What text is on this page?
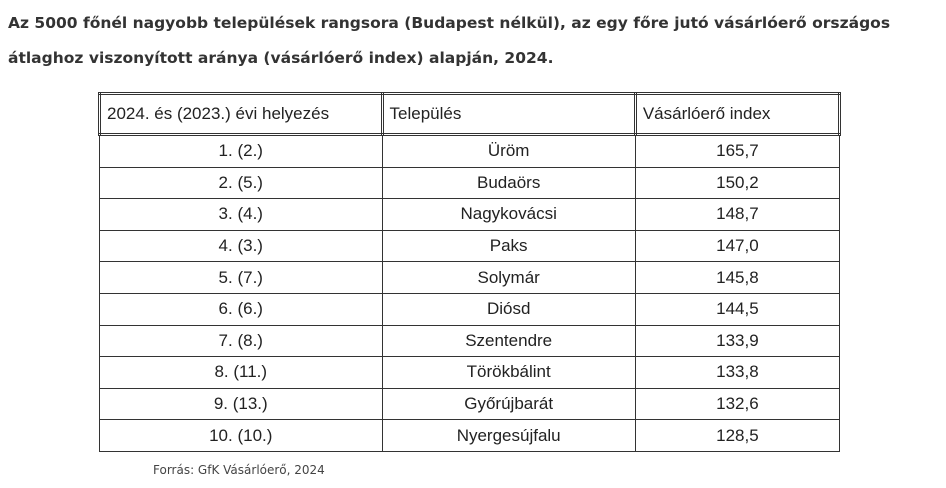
Az 5000 főnél nagyobb települések rangsora (Budapest nélkül), az egy főre jutó vásárlóerő országos
átlaghoz viszonyított aránya (vásárlóerő index) alapján, 2024.
2024. és (2023.) évi helyezés	Település	Vásárlóerő index
1. (2.)	Üröm	165,7
2. (5.)	Budaörs	150,2
3. (4.)	Nagykovácsi	148,7
4. (3.)	Paks	147,0
5. (7.)	Solymár	145,8
6. (6.)	Diósd	144,5
7. (8.)	Szentendre	133,9
8. (11.)	Törökbálint	133,8
9. (13.)	Győrújbarát	132,6
10. (10.)	Nyergesújfalu	128,5
Forrás: GfK Vásárlóerő, 2024
